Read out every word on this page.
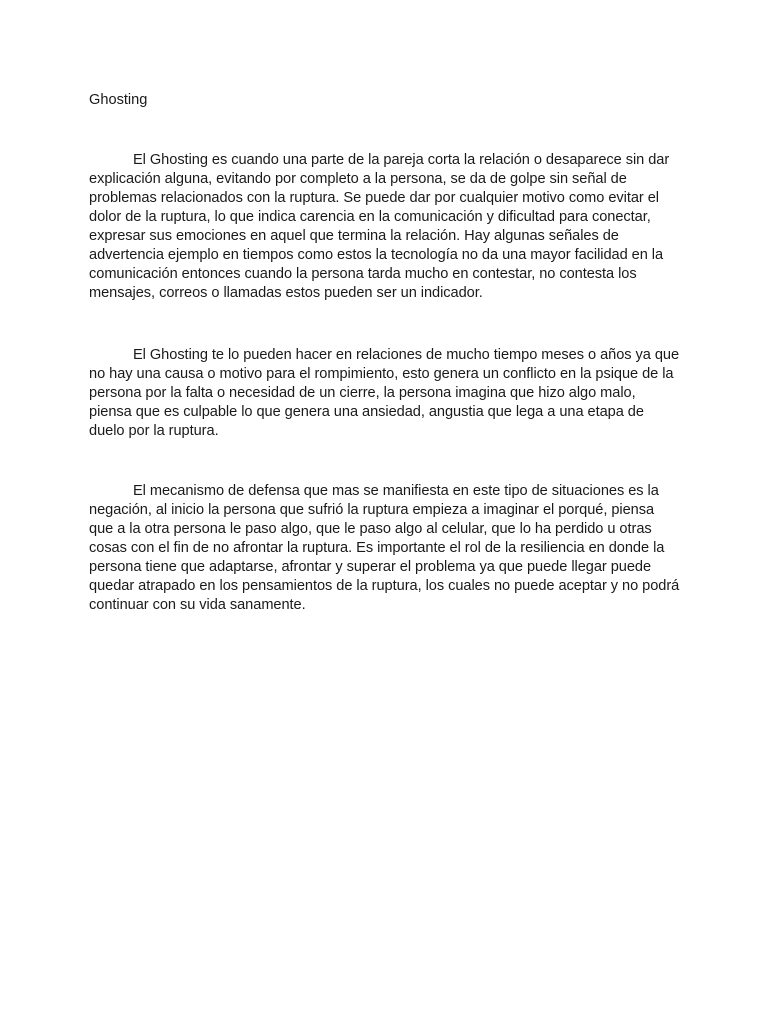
Ghosting

El Ghosting es cuando una parte de la pareja corta la relación o desaparece sin dar explicación alguna, evitando por completo a la persona, se da de golpe sin señal de problemas relacionados con la ruptura. Se puede dar por cualquier motivo como evitar el dolor de la ruptura, lo que indica carencia en la comunicación y dificultad para conectar, expresar sus emociones en aquel que termina la relación. Hay algunas señales de advertencia ejemplo en tiempos como estos la tecnología no da una mayor facilidad en la comunicación entonces cuando la persona tarda mucho en contestar, no contesta los mensajes, correos o llamadas estos pueden ser un indicador.

El Ghosting te lo pueden hacer en relaciones de mucho tiempo meses o años ya que no hay una causa o motivo para el rompimiento, esto genera un conflicto en la psique de la persona por la falta o necesidad de un cierre, la persona imagina que hizo algo malo, piensa que es culpable lo que genera una ansiedad, angustia que lega a una etapa de duelo por la ruptura.

El mecanismo de defensa que mas se manifiesta en este tipo de situaciones es la negación, al inicio la persona que sufrió la ruptura empieza a imaginar el porqué, piensa que a la otra persona le paso algo, que le paso algo al celular, que lo ha perdido u otras cosas con el fin de no afrontar la ruptura. Es importante el rol de la resiliencia en donde la persona tiene que adaptarse, afrontar y superar el problema ya que puede llegar puede quedar atrapado en los pensamientos de la ruptura, los cuales no puede aceptar y no podrá continuar con su vida sanamente.
